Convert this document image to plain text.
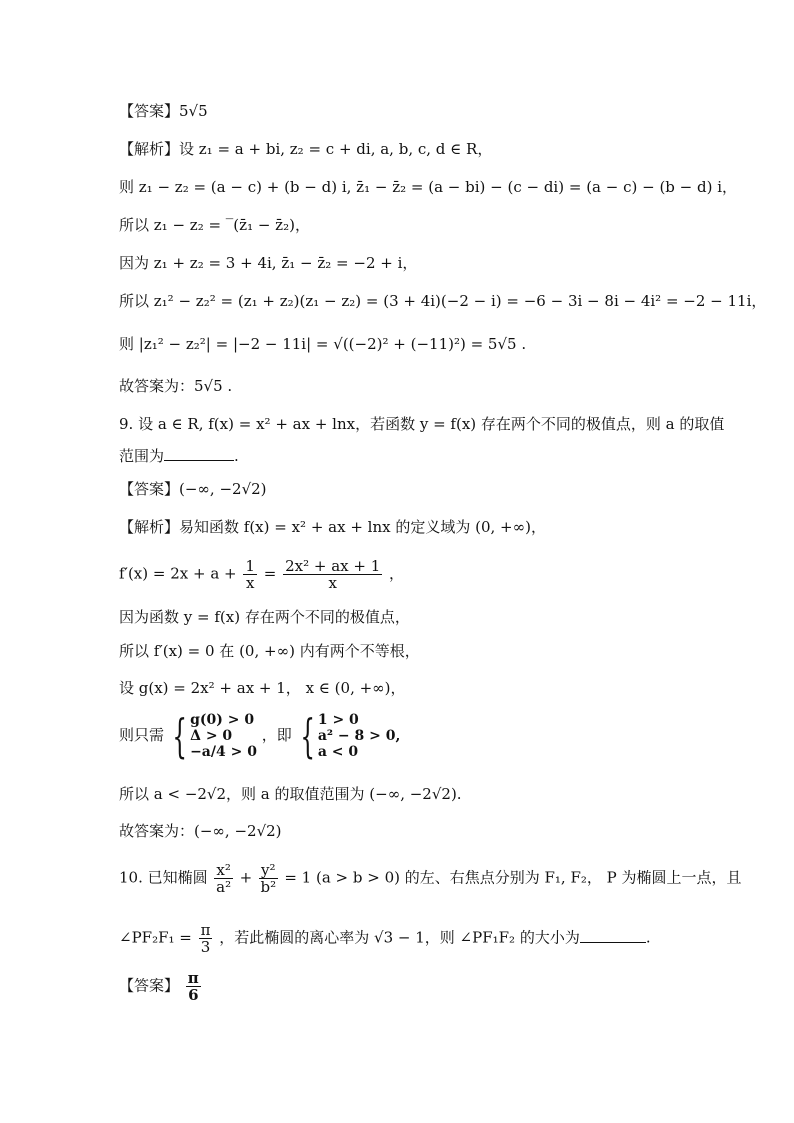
【答案】5√5
【解析】设 z₁ = a + bi, z₂ = c + di, a, b, c, d ∈ R，
则 z₁ − z₂ = (a − c) + (b − d) i, z̄₁ − z̄₂ = (a − bi) − (c − di) = (a − c) − (b − d) i，
所以 z₁ − z₂ = ‾(z̄₁ − z̄₂)，
因为 z₁ + z₂ = 3 + 4i, z̄₁ − z̄₂ = −2 + i，
所以 z₁² − z₂² = (z₁ + z₂)(z₁ − z₂) = (3 + 4i)(−2 − i) = −6 − 3i − 8i − 4i² = −2 − 11i，
则 |z₁² − z₂²| = |−2 − 11i| = √((−2)² + (−11)²) = 5√5 .
故答案为：5√5 .
9. 设 a ∈ R, f(x) = x² + ax + lnx，若函数 y = f(x) 存在两个不同的极值点，则 a 的取值
范围为	.
【答案】(−∞, −2√2)
【解析】易知函数 f(x) = x² + ax + lnx 的定义域为 (0, +∞)，
$f'(x) = 2x + a + \frac{1}{x} = \frac{\text{2x² + ax + 1}}{x}$ ，
因为函数 y = f(x) 存在两个不同的极值点，
所以 f′(x) = 0 在 (0, +∞) 内有两个不等根，
设 g(x) = 2x² + ax + 1， x ∈ (0, +∞)，
则只需 { g(0) > 0
Δ > 0
−a/4 > 0
，即 { 1 > 0
a² − 8 > 0,
a < 0
所以 a < −2√2，则 a 的取值范围为 (−∞, −2√2).
故答案为：(−∞, −2√2)
10. 已知椭圆 $\frac{\text{x²}}{\text{a²}} + \frac{\text{y²}}{\text{b²}} = 1$ (a > b > 0) 的左、右焦点分别为 F₁, F₂， P 为椭圆上一点，且
∠PF₂F₁ = $\frac{\pi}{3}$ ，若此椭圆的离心率为 √3 − 1，则 ∠PF₁F₂ 的大小为	.
【答案】 $\frac{\pi}{6}$
